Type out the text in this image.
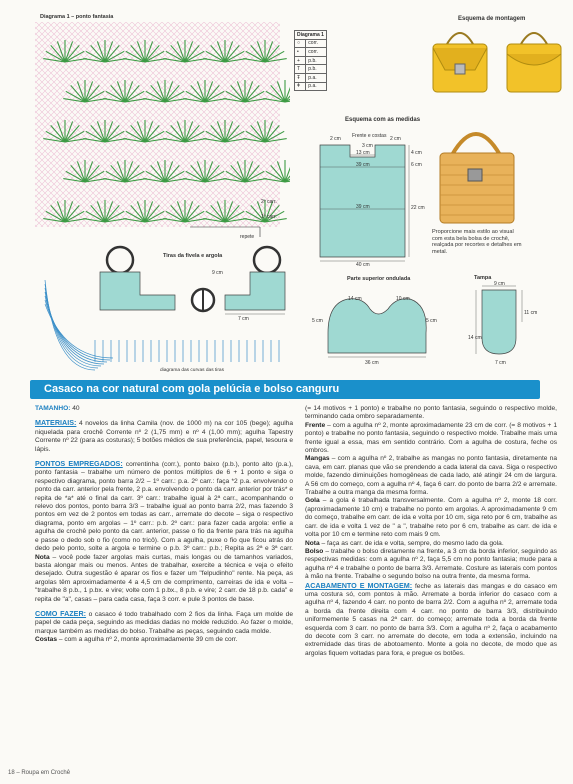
Diagrama 1 – ponto fantasia
2º carr.
1º carr.
repete
Diagrama 1	
○	corr.
•	corr.
+	p.b.
T	p.b.
Ŧ	p.a.
ǂ	p.a.
Esquema de montagem
Proporcione mais estilo ao visual com esta bela bolsa de crochê, realçada por recortes e detalhes em metal.
Esquema com as medidas
Frente e costas
2 cm
3 cm
2 cm
13 cm
39 cm
39 cm
4 cm
6 cm
22 cm
40 cm
Parte superior ondulada
5 cm
14 cm	10 cm
36 cm
5 cm
Tampa
9 cm
11 cm
14 cm
7 cm
Tiras da fivela e argola
9 cm
7 cm
diagrama das curvas das tiras
Casaco na cor natural com gola pelúcia e bolso canguru

TAMANHO: 40

MATERIAIS: 4 novelos da linha Camila (nov. de 1000 m) na cor 105 (bege); agulha niquelada para crochê Corrente nº 2 (1,75 mm) e nº 4 (1,00 mm); agulha Tapestry Corrente nº 22 (para as costuras); 5 botões médios de sua preferência, papel, tesoura e lápis.

PONTOS EMPREGADOS: correntinha (corr.), ponto baixo (p.b.), ponto alto (p.a.), ponto fantasia – trabalhe um número de pontos múltiplos de 6 + 1 ponto e siga o respectivo diagrama, ponto barra 2/2 – 1º carr.: p.a. 2º carr.: faça *2 p.a. envolvendo o ponto da carr. anterior pela frente, 2 p.a. envolvendo o ponto da carr. anterior por trás* e repita de *a* até o final da carr. 3º carr.: trabalhe igual à 2ª carr., acompanhando o relevo dos pontos, ponto barra 3/3 – trabalhe igual ao ponto barra 2/2, mas fazendo 3 pontos em vez de 2 pontos em todas as carr., arremate do decote – siga o respectivo diagrama, ponto em argolas – 1º carr.: p.b. 2º carr.: para fazer cada argola: enfie a agulha de crochê pelo ponto da carr. anterior, passe o fio da frente para trás na agulha e passe o dedo sob o fio (como no tricô). Com a agulha, puxe o fio que ficou atrás do dedo pelo ponto, solte a argola e termine o p.b. 3º carr.: p.b.; Repita as 2ª e 3ª carr. Nota – você pode fazer argolas mais curtas, mais longas ou de tamanhos variados, basta alongar mais ou menos. Antes de trabalhar, exercite a técnica e veja o efeito desejado. Outra sugestão é aparar os fios e fazer um "felpudinho" rente. Na peça, as argolas têm aproximadamente 4 a 4,5 cm de comprimento, carreiras de ida e volta – "trabalhe 8 p.b., 1 p.bx. e vire; volte com 1 p.bx., 8 p.b. e vire; 2 carr. de 18 p.b. cada" e repita de "a", casas – para cada casa, faça 3 corr. e pule 3 pontos de base.

COMO FAZER: o casaco é todo trabalhado com 2 fios da linha. Faça um molde de papel de cada peça, seguindo as medidas dadas no molde reduzido. Ao fazer o molde, marque também as medidas do bolso. Trabalhe as peças, seguindo cada molde.

Costas – com a agulha nº 2, monte aproximadamente 39 cm de corr.

(= 14 motivos + 1 ponto) e trabalhe no ponto fantasia, seguindo o respectivo molde, terminando cada ombro separadamente.

Frente – com a agulha nº 2, monte aproximadamente 23 cm de corr. (= 8 motivos + 1 ponto) e trabalhe no ponto fantasia, seguindo o respectivo molde. Trabalhe mais uma frente igual a essa, mas em sentido contrário. Com a agulha de costura, feche os ombros.

Mangas – com a agulha nº 2, trabalhe as mangas no ponto fantasia, diretamente na cava, em carr. planas que vão se prendendo a cada lateral da cava. Siga o respectivo molde, fazendo diminuições homogêneas de cada lado, até atingir 24 cm de largura. A 56 cm do começo, com a agulha nº 4, faça 6 carr. do ponto de barra 2/2 e arremate. Trabalhe a outra manga da mesma forma.

Gola – a gola é trabalhada transversalmente. Com a agulha nº 2, monte 18 corr. (aproximadamente 10 cm) e trabalhe no ponto em argolas. A aproximadamente 9 cm do começo, trabalhe em carr. de ida e volta por 10 cm, siga reto por 6 cm, trabalhe as carr. de ida e volta 1 vez de " a ", trabalhe reto por 6 cm, trabalhe as carr. de ida e volta por 10 cm e termine reto com mais 9 cm.

Nota – faça as carr. de ida e volta, sempre, do mesmo lado da gola.

Bolso – trabalhe o bolso diretamente na frente, a 3 cm da borda inferior, seguindo as respectivas medidas: com a agulha nº 2, faça 5,5 cm no ponto fantasia; mude para a agulha nº 4 e trabalhe o ponto de barra 3/3. Arremate. Costure as laterais com pontos à mão na frente. Trabalhe o segundo bolso na outra frente, da mesma forma.

ACABAMENTO E MONTAGEM: feche as laterais das mangas e do casaco em uma costura só, com pontos à mão. Arremate a borda inferior do casaco com a agulha nº 4, fazendo 4 carr. no ponto de barra 2/2. Com a agulha nº 2, arremate toda a borda da frente direita com 4 carr. no ponto de barra 3/3, distribuindo uniformemente 5 casas na 2ª carr. do começo; arremate toda a borda da frente esquerda com 3 carr. no ponto de barra 3/3. Com a agulha nº 2, faça o acabamento do decote com 3 carr. no arremate do decote, em toda a extensão, incluindo na extremidade das tiras de abotoamento. Monte a gola no decote, de modo que as argolas fiquem voltadas para fora, e pregue os botões.

18 – Roupa em Crochê
